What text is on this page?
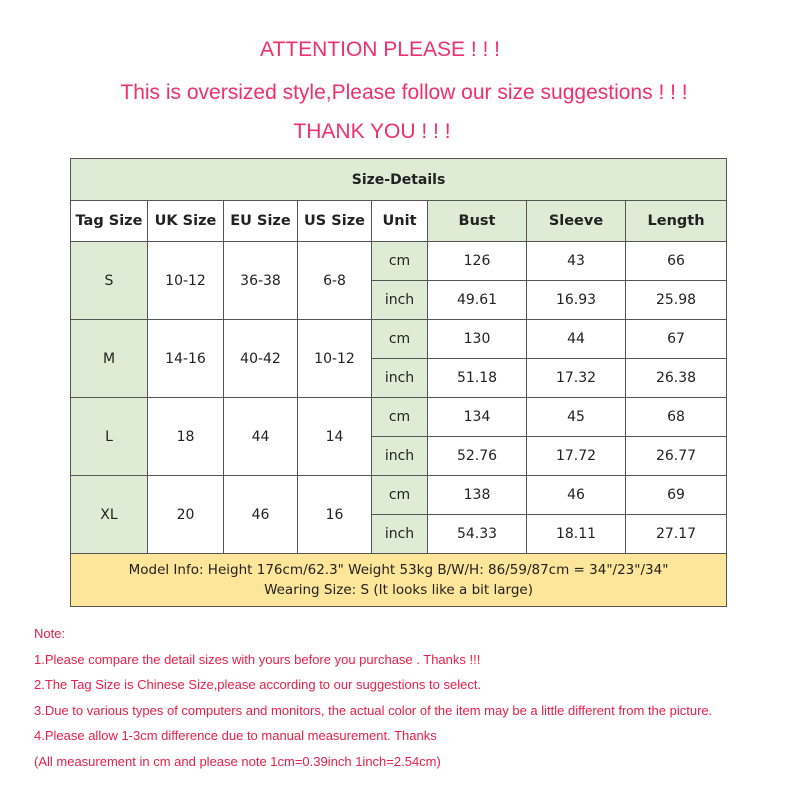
ATTENTION PLEASE ! ! !
This is oversized style,Please follow our size suggestions ! ! !
THANK YOU ! ! !
Size-Details							
Tag Size	UK Size	EU Size	US Size	Unit	Bust	Sleeve	Length
S	10-12	36-38	6-8	cm	126	43	66
				inch	49.61	16.93	25.98
M	14-16	40-42	10-12	cm	130	44	67
				inch	51.18	17.32	26.38
L	18	44	14	cm	134	45	68
				inch	52.76	17.72	26.77
XL	20	46	16	cm	138	46	69
				inch	54.33	18.11	27.17

Model Info: Height 176cm/62.3" Weight 53kg B/W/H: 86/59/87cm = 34"/23"/34"
Wearing Size: S (It looks like a bit large)							
Note:
1.Please compare the detail sizes with yours before you purchase . Thanks !!!
2.The Tag Size is Chinese Size,please according to our suggestions to select.
3.Due to various types of computers and monitors, the actual color of the item may be a little different from the picture.
4.Please allow 1-3cm difference due to manual measurement. Thanks
(All measurement in cm and please note 1cm=0.39inch 1inch=2.54cm)
